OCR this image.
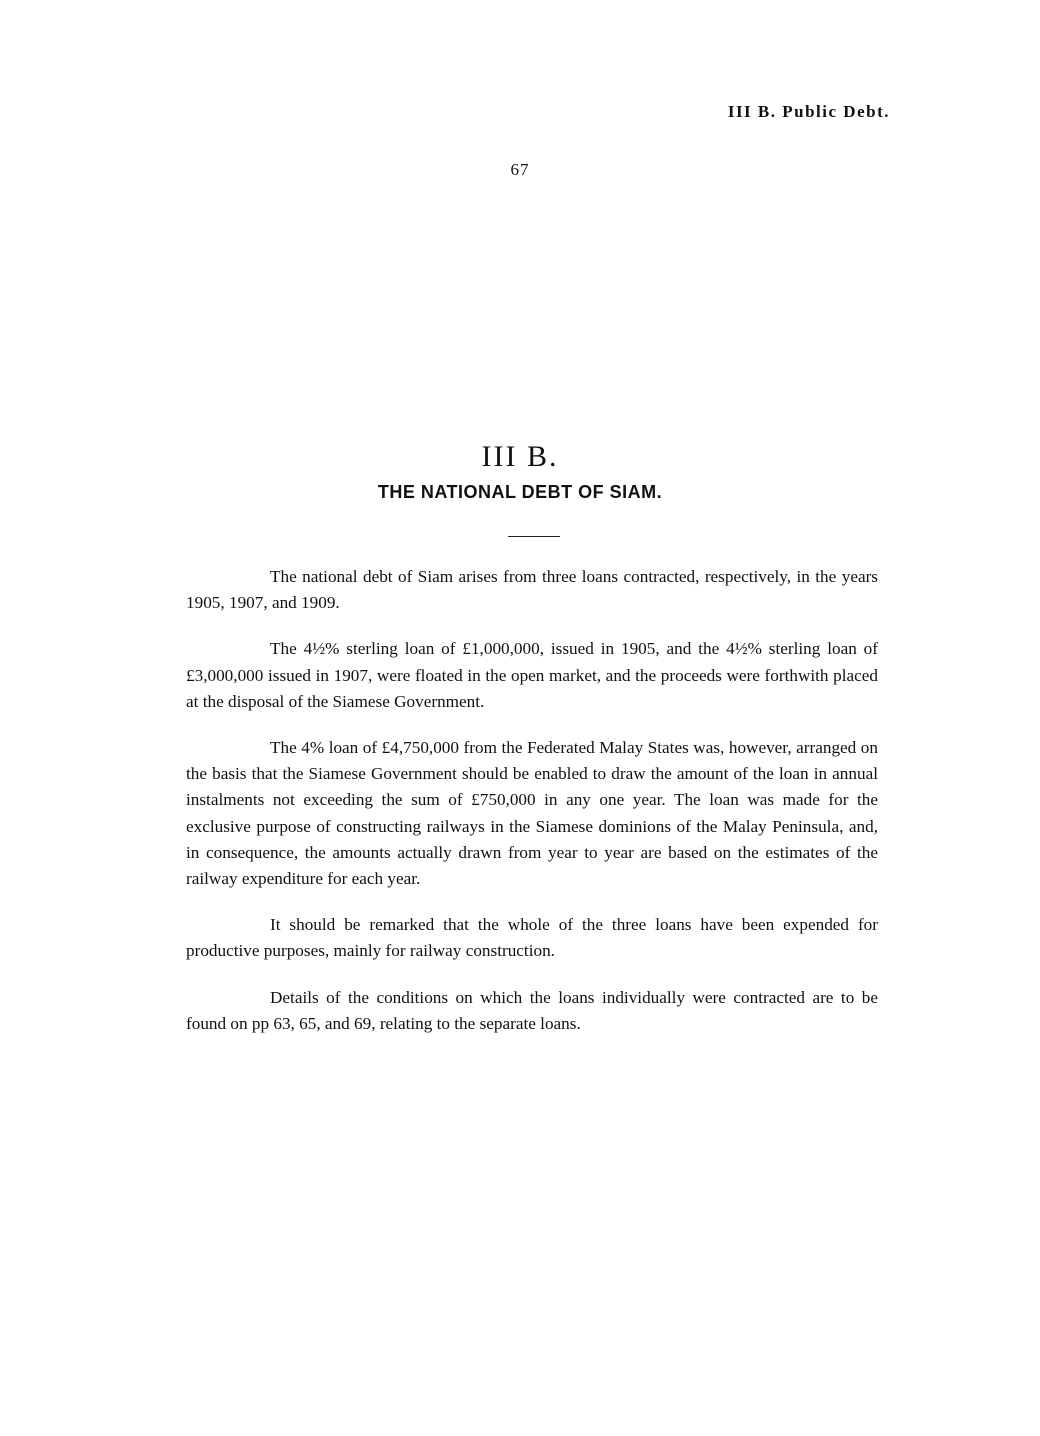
III B. Public Debt.
67
III B.
THE NATIONAL DEBT OF SIAM.

The national debt of Siam arises from three loans contracted, respectively, in the years 1905, 1907, and 1909.

The 4½% sterling loan of £1,000,000, issued in 1905, and the 4½% sterling loan of £3,000,000 issued in 1907, were floated in the open market, and the proceeds were forthwith placed at the disposal of the Siamese Government.

The 4% loan of £4,750,000 from the Federated Malay States was, however, arranged on the basis that the Siamese Government should be enabled to draw the amount of the loan in annual instalments not exceeding the sum of £750,000 in any one year. The loan was made for the exclusive purpose of constructing railways in the Siamese dominions of the Malay Peninsula, and, in consequence, the amounts actually drawn from year to year are based on the estimates of the railway expenditure for each year.

It should be remarked that the whole of the three loans have been expended for productive purposes, mainly for railway construction.

Details of the conditions on which the loans individually were contracted are to be found on pp 63, 65, and 69, relating to the separate loans.
